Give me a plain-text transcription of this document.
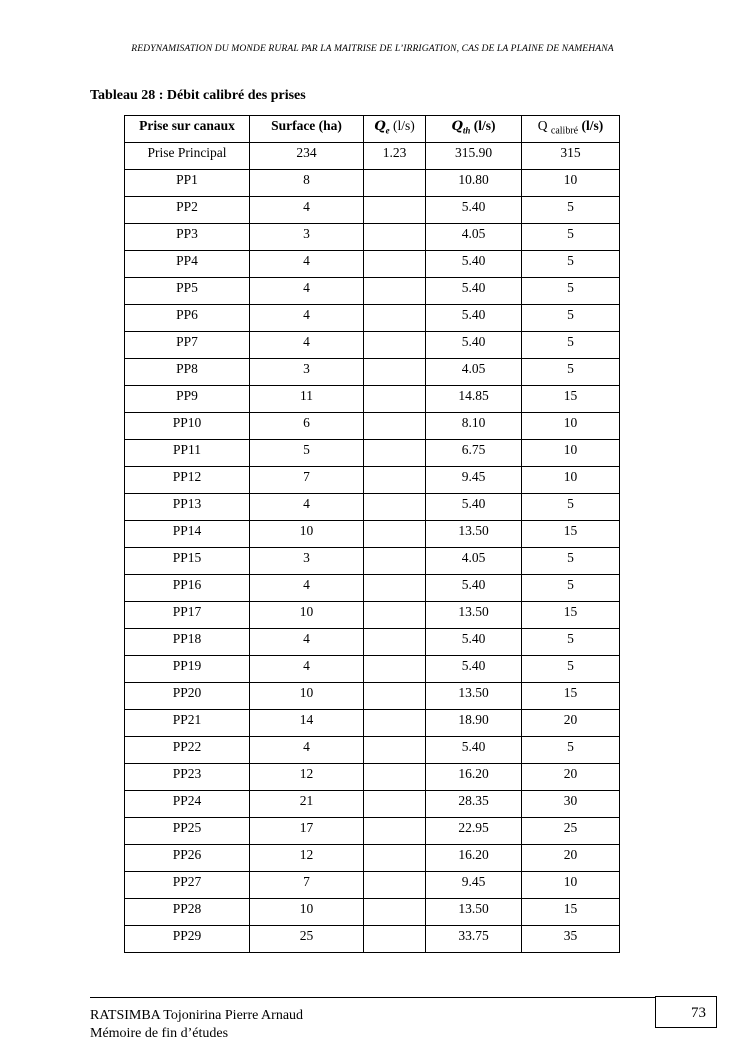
REDYNAMISATION DU MONDE RURAL PAR LA MAITRISE DE L’IRRIGATION, CAS DE LA PLAINE DE NAMEHANA
Tableau 28 : Débit calibré des prises
Prise sur canaux	Surface (ha)	$Q_e$ (l/s)	$Q_{th}$ (l/s)	Q $_{calibré}$ (l/s)
Prise Principal	234	1.23	315.90	315
PP1	8		10.80	10
PP2	4		5.40	5
PP3	3		4.05	5
PP4	4		5.40	5
PP5	4		5.40	5
PP6	4		5.40	5
PP7	4		5.40	5
PP8	3		4.05	5
PP9	11		14.85	15
PP10	6		8.10	10
PP11	5		6.75	10
PP12	7		9.45	10
PP13	4		5.40	5
PP14	10		13.50	15
PP15	3		4.05	5
PP16	4		5.40	5
PP17	10		13.50	15
PP18	4		5.40	5
PP19	4		5.40	5
PP20	10		13.50	15
PP21	14		18.90	20
PP22	4		5.40	5
PP23	12		16.20	20
PP24	21		28.35	30
PP25	17		22.95	25
PP26	12		16.20	20
PP27	7		9.45	10
PP28	10		13.50	15
PP29	25		33.75	35
RATSIMBA Tojonirina Pierre Arnaud
Mémoire de fin d’études
73
